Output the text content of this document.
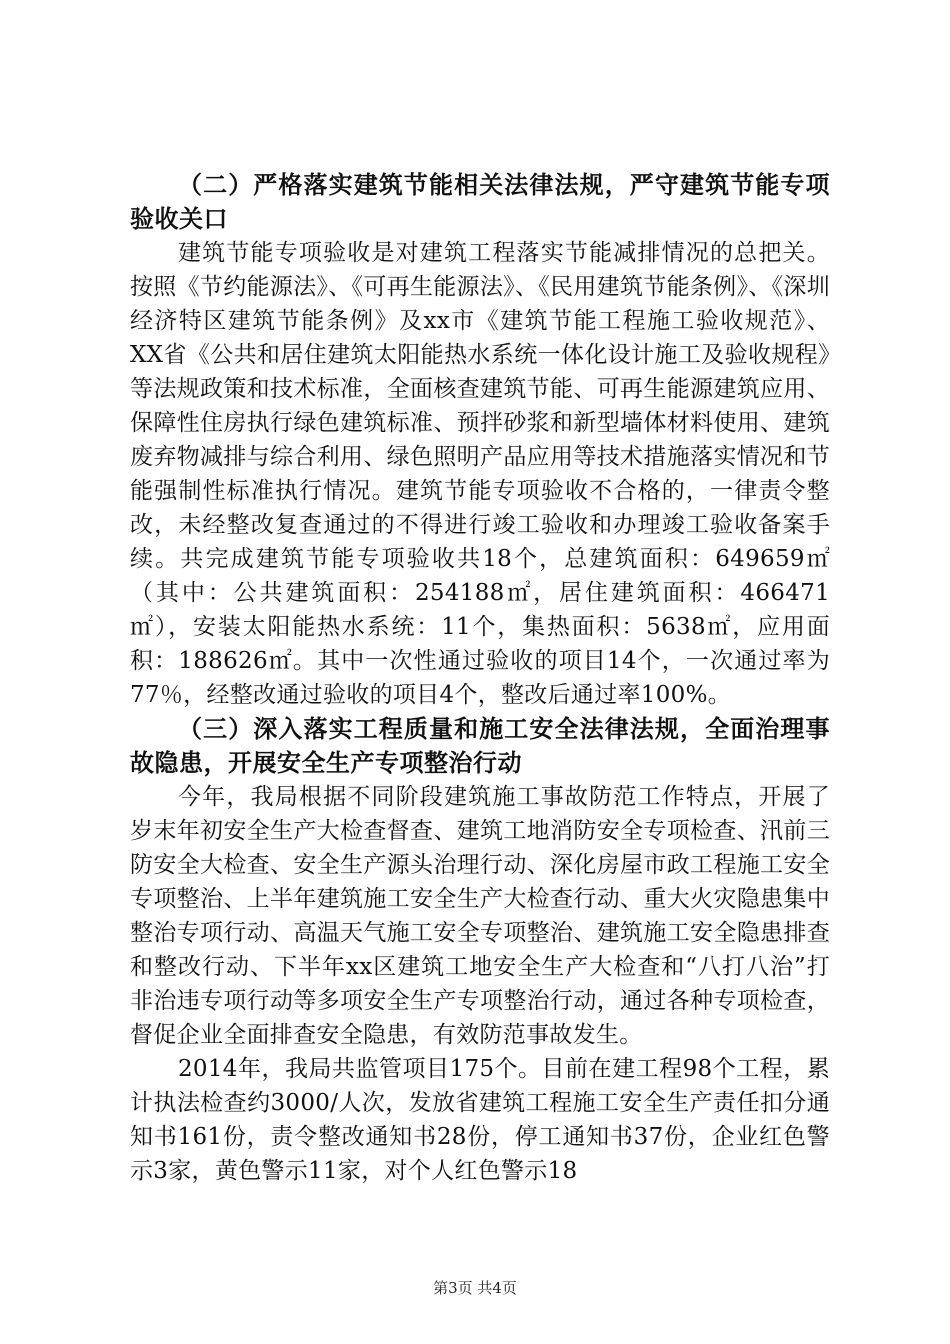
（二）严格落实建筑节能相关法律法规，严守建筑节能专项验收关口

建筑节能专项验收是对建筑工程落实节能减排情况的总把关。按照《节约能源法》、《可再生能源法》、《民用建筑节能条例》、《深圳经济特区建筑节能条例》及xx市《建筑节能工程施工验收规范》、XX省《公共和居住建筑太阳能热水系统一体化设计施工及验收规程》等法规政策和技术标准，全面核查建筑节能、可再生能源建筑应用、保障性住房执行绿色建筑标准、预拌砂浆和新型墙体材料使用、建筑废弃物减排与综合利用、绿色照明产品应用等技术措施落实情况和节能强制性标准执行情况。建筑节能专项验收不合格的，一律责令整改，未经整改复查通过的不得进行竣工验收和办理竣工验收备案手续。共完成建筑节能专项验收共18个，总建筑面积：649659㎡（其中：公共建筑面积：254188㎡，居住建筑面积：466471㎡），安装太阳能热水系统：11个，集热面积：5638㎡，应用面积：188626㎡。其中一次性通过验收的项目14个，一次通过率为77％，经整改通过验收的项目4个，整改后通过率100%。

（三）深入落实工程质量和施工安全法律法规，全面治理事故隐患，开展安全生产专项整治行动

今年，我局根据不同阶段建筑施工事故防范工作特点，开展了岁末年初安全生产大检查督查、建筑工地消防安全专项检查、汛前三防安全大检查、安全生产源头治理行动、深化房屋市政工程施工安全专项整治、上半年建筑施工安全生产大检查行动、重大火灾隐患集中整治专项行动、高温天气施工安全专项整治、建筑施工安全隐患排查和整改行动、下半年xx区建筑工地安全生产大检查和“八打八治”打非治违专项行动等多项安全生产专项整治行动，通过各种专项检查，督促企业全面排查安全隐患，有效防范事故发生。

2014年，我局共监管项目175个。目前在建工程98个工程，累计执法检查约3000/人次，发放省建筑工程施工安全生产责任扣分通知书161份，责令整改通知书28份，停工通知书37份，企业红色警示3家，黄色警示11家，对个人红色警示18

第3页 共4页
